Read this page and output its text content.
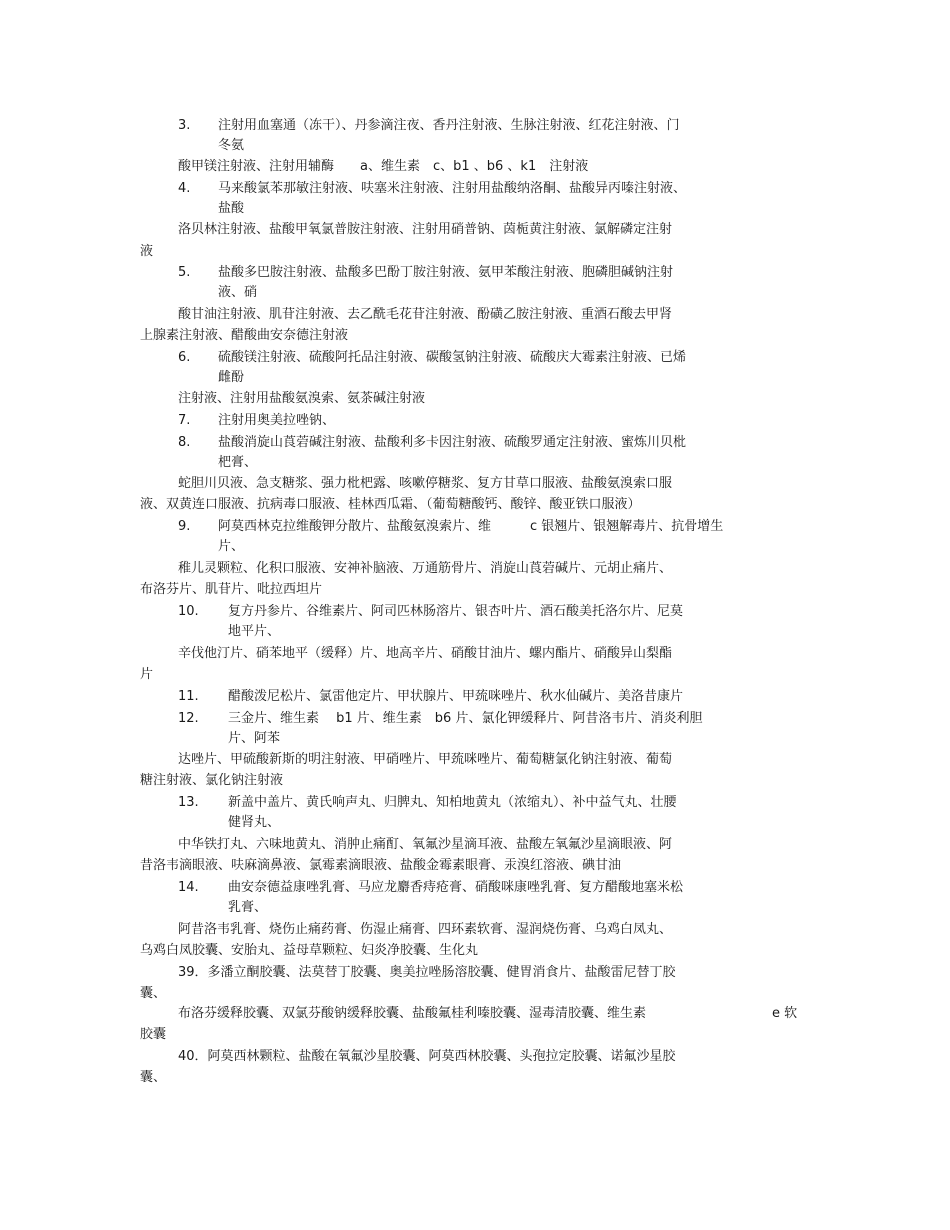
3. 注射用血塞通（冻干）、丹参滴注夜、香丹注射液、生脉注射液、红花注射液、门
冬氨
酸甲镁注射液、注射用辅酶　　a、维生素　c、b1 、b6 、k1　注射液
4. 马来酸氯苯那敏注射液、呋塞米注射液、注射用盐酸纳洛酮、盐酸异丙嗪注射液、
盐酸
洛贝林注射液、盐酸甲氧氯普胺注射液、注射用硝普钠、茵栀黄注射液、氯解磷定注射
液
5. 盐酸多巴胺注射液、盐酸多巴酚丁胺注射液、氨甲苯酸注射液、胞磷胆碱钠注射
液、硝
酸甘油注射液、肌苷注射液、去乙酰毛花苷注射液、酚磺乙胺注射液、重酒石酸去甲肾
上腺素注射液、醋酸曲安奈德注射液
6. 硫酸镁注射液、硫酸阿托品注射液、碳酸氢钠注射液、硫酸庆大霉素注射液、已烯
雌酚
注射液、注射用盐酸氨溴索、氨茶碱注射液
7. 注射用奥美拉唑钠、
8. 盐酸消旋山莨菪碱注射液、盐酸利多卡因注射液、硫酸罗通定注射液、蜜炼川贝枇
杷膏、
蛇胆川贝液、急支糖浆、强力枇杷露、咳嗽停糖浆、复方甘草口服液、盐酸氨溴索口服
液、双黄连口服液、抗病毒口服液、桂林西瓜霜、（葡萄糖酸钙、酸锌、酸亚铁口服液）
9. 阿莫西林克拉维酸钾分散片、盐酸氨溴索片、维　　　c 银翘片、银翘解毒片、抗骨增生
片、
稚儿灵颗粒、化积口服液、安神补脑液、万通筋骨片、消旋山莨菪碱片、元胡止痛片、
布洛芬片、肌苷片、吡拉西坦片
10. 复方丹参片、谷维素片、阿司匹林肠溶片、银杏叶片、酒石酸美托洛尔片、尼莫
地平片、
辛伐他汀片、硝苯地平（缓释）片、地高辛片、硝酸甘油片、螺内酯片、硝酸异山梨酯
片
11. 醋酸泼尼松片、氯雷他定片、甲状腺片、甲巯咪唑片、秋水仙碱片、美洛昔康片
12. 三金片、维生素　 b1 片、维生素　b6 片、氯化钾缓释片、阿昔洛韦片、消炎利胆
片、阿苯
达唑片、甲硫酸新斯的明注射液、甲硝唑片、甲巯咪唑片、葡萄糖氯化钠注射液、葡萄
糖注射液、氯化钠注射液
13. 新盖中盖片、黄氏响声丸、归脾丸、知柏地黄丸（浓缩丸）、补中益气丸、壮腰
健肾丸、
中华铁打丸、六味地黄丸、消肿止痛酊、氧氟沙星滴耳液、盐酸左氧氟沙星滴眼液、阿
昔洛韦滴眼液、呋麻滴鼻液、氯霉素滴眼液、盐酸金霉素眼膏、汞溴红溶液、碘甘油
14. 曲安奈德益康唑乳膏、马应龙麝香痔疮膏、硝酸咪康唑乳膏、复方醋酸地塞米松
乳膏、
阿昔洛韦乳膏、烧伤止痛药膏、伤湿止痛膏、四环素软膏、湿润烧伤膏、乌鸡白凤丸、
乌鸡白凤胶囊、安胎丸、益母草颗粒、妇炎净胶囊、生化丸
39．多潘立酮胶囊、法莫替丁胶囊、奥美拉唑肠溶胶囊、健胃消食片、盐酸雷尼替丁胶
囊、
布洛芬缓释胶囊、双氯芬酸钠缓释胶囊、盐酸氟桂利嗪胶囊、湿毒清胶囊、维生素	e 软
胶囊
40．阿莫西林颗粒、盐酸在氧氟沙星胶囊、阿莫西林胶囊、头孢拉定胶囊、诺氟沙星胶
囊、
